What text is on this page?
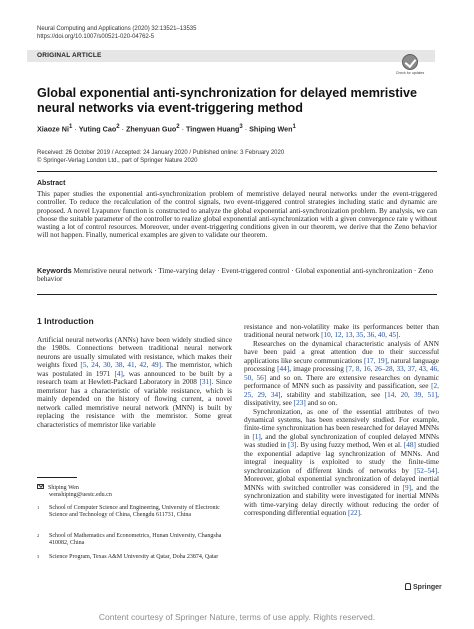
Neural Computing and Applications (2020) 32:13521–13535
https://doi.org/10.1007/s00521-020-04762-5
ORIGINAL ARTICLE
Check for updates
Global exponential anti-synchronization for delayed memristive neural networks via event-triggering method
Xiaoze $Ni^1$ · Yuting Cao$^2$ · Zhenyuan Guo$^2$ · Tingwen Huang$^3$ · Shiping Wen$^1$
Received: 26 October 2019 / Accepted: 24 January 2020 / Published online: 3 February 2020
© Springer-Verlag London Ltd., part of Springer Nature 2020
Abstract
This paper studies the exponential anti-synchronization problem of memristive delayed neural networks under the event-triggered controller. To reduce the recalculation of the control signals, two event-triggered control strategies including static and dynamic are proposed. A novel Lyapunov function is constructed to analyze the global exponential anti-synchronization problem. By analysis, we can choose the suitable parameter of the controller to realize global exponential anti-synchronization with a given convergence rate γ without wasting a lot of control resources. Moreover, under event-triggering conditions given in our theorem, we derive that the Zeno behavior will not happen. Finally, numerical examples are given to validate our theorem.
Keywords Memristive neural network · Time-varying delay · Event-triggered control · Global exponential anti-synchronization · Zeno behavior
1 Introduction

Artificial neural networks (ANNs) have been widely studied since the 1980s. Connections between traditional neural network neurons are usually simulated with resistance, which makes their weights fixed [5, 24, 30, 38, 41, 42, 49]. The memristor, which was postulated in 1971 [4], was announced to be built by a research team at Hewlett-Packard Laboratory in 2008 [31]. Since memristor has a characteristic of variable resistance, which is mainly depended on the history of flowing current, a novel network called memristive neural network (MNN) is built by replacing the resistance with the memristor. Some great characteristics of memristor like variable

resistance and non-volatility make its performances better than traditional neural network [10, 12, 13, 35, 36, 40, 45].

Researches on the dynamical characteristic analysis of ANN have been paid a great attention due to their successful applications like secure communications [17, 19], natural language processing [44], image processing [7, 8, 16, 26–28, 33, 37, 43, 46, 50, 56] and so on. There are extensive researches on dynamic performance of MNN such as passivity and passification, see [2, 25, 29, 34], stability and stabilization, see [14, 20, 39, 51], dissipativity, see [23] and so on.

Synchronization, as one of the essential attributes of two dynamical systems, has been extensively studied. For example, finite-time synchronization has been researched for delayed MNNs in [1], and the global synchronization of coupled delayed MNNs was studied in [3]. By using fuzzy method, Wen et al. [48] studied the exponential adaptive lag synchronization of MNNs. And integral inequality is exploited to study the finite-time synchronization of different kinds of networks by [52–54]. Moreover, global exponential synchronization of delayed inertial MNNs with switched controller was considered in [9], and the synchronization and stability were investigated for inertial MNNs with time-varying delay directly without reducing the order of corresponding differential equation [22].

Shiping Wen
wenshiping@uestc.edu.cn
1 School of Computer Science and Engineering, University of Electronic Science and Technology of China, Chengdu 611731, China
2 School of Mathematics and Econometrics, Hunan University, Changsha 410082, China
3 Science Program, Texas A&M University at Qatar, Doha 23874, Qatar
Springer
Content courtesy of Springer Nature, terms of use apply. Rights reserved.
